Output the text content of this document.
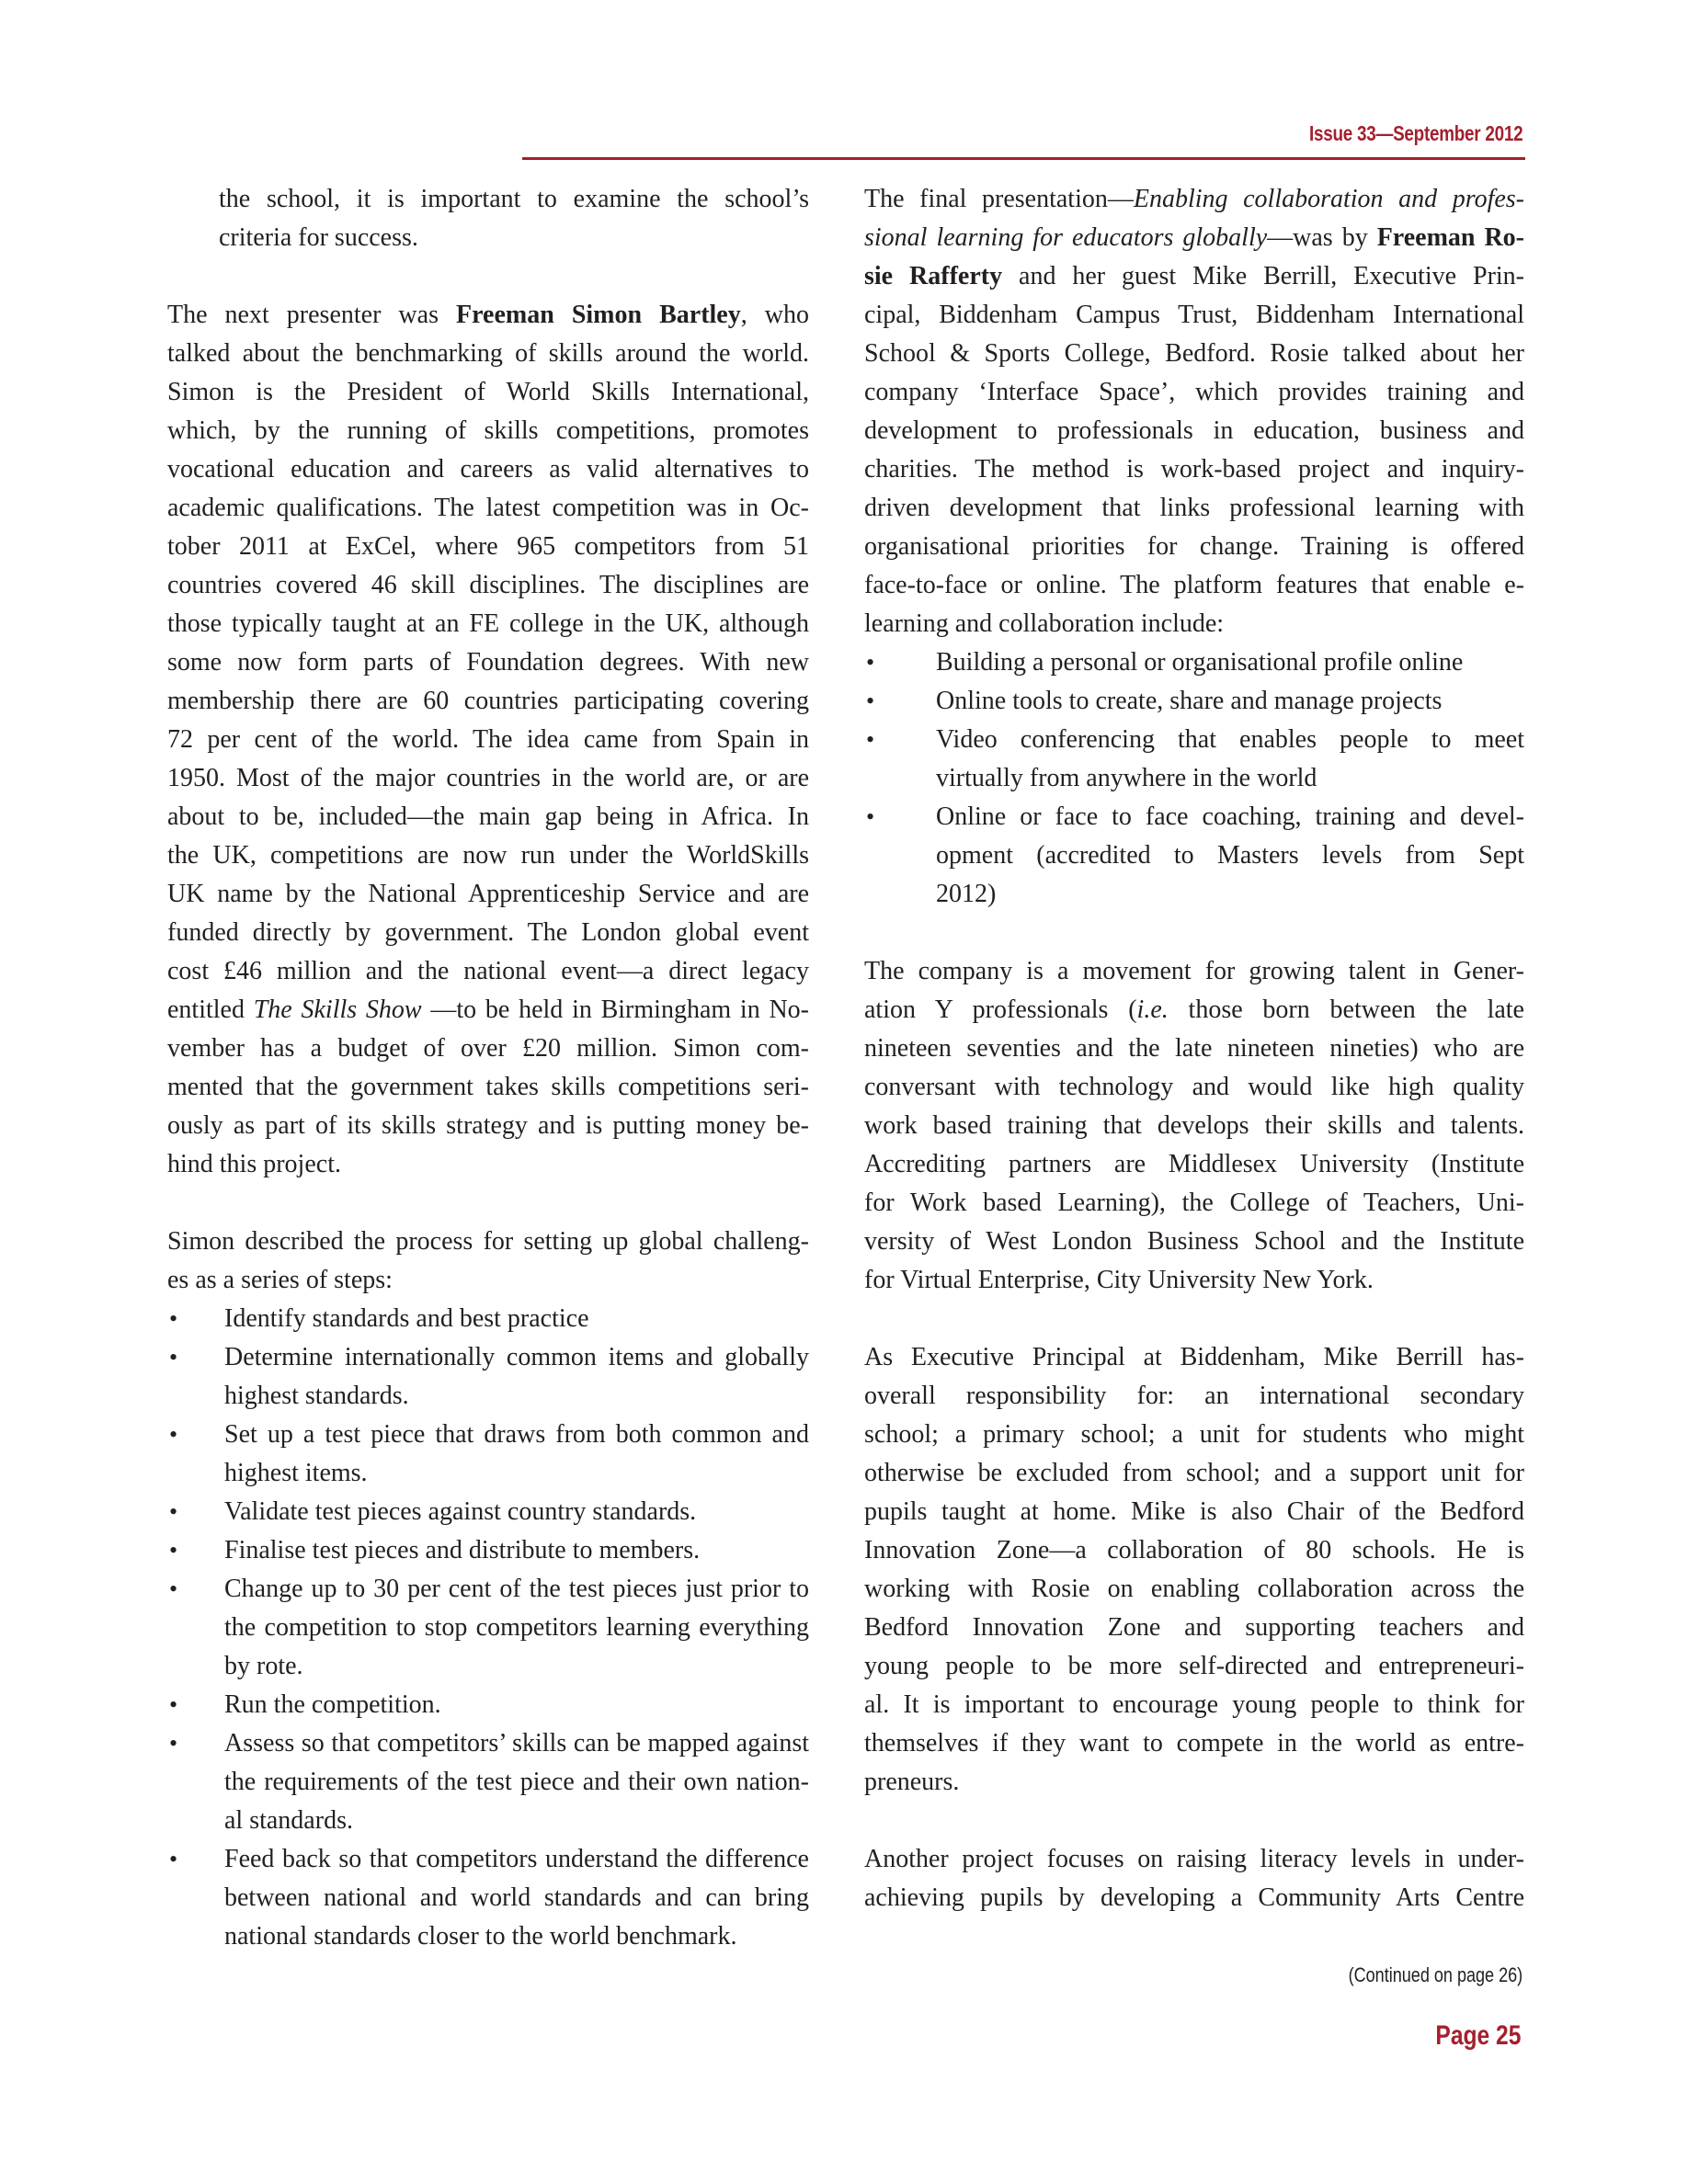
Issue 33—September 2012
the school, it is important to examine the school’s
criteria for success.
The next presenter was Freeman Simon Bartley, who
talked about the benchmarking of skills around the world.
Simon is the President of World Skills International,
which, by the running of skills competitions, promotes
vocational education and careers as valid alternatives to
academic qualifications. The latest competition was in Oc-
tober 2011 at ExCel, where 965 competitors from 51
countries covered 46 skill disciplines. The disciplines are
those typically taught at an FE college in the UK, although
some now form parts of Foundation degrees. With new
membership there are 60 countries participating covering
72 per cent of the world. The idea came from Spain in
1950. Most of the major countries in the world are, or are
about to be, included—the main gap being in Africa. In
the UK, competitions are now run under the WorldSkills
UK name by the National Apprenticeship Service and are
funded directly by government. The London global event
cost £46 million and the national event—a direct legacy
entitled The Skills Show —to be held in Birmingham in No-
vember has a budget of over £20 million. Simon com-
mented that the government takes skills competitions seri-
ously as part of its skills strategy and is putting money be-
hind this project.
Simon described the process for setting up global challeng-
es as a series of steps:
• Identify standards and best practice
• Determine internationally common items and globally
highest standards.
• Set up a test piece that draws from both common and
highest items.
• Validate test pieces against country standards.
• Finalise test pieces and distribute to members.
• Change up to 30 per cent of the test pieces just prior to
the competition to stop competitors learning everything
by rote.
• Run the competition.
• Assess so that competitors’ skills can be mapped against
the requirements of the test piece and their own nation-
al standards.
• Feed back so that competitors understand the difference
between national and world standards and can bring
national standards closer to the world benchmark.
The final presentation—Enabling collaboration and profes-
sional learning for educators globally—was by Freeman Ro-
sie Rafferty and her guest Mike Berrill, Executive Prin-
cipal, Biddenham Campus Trust, Biddenham International
School & Sports College, Bedford. Rosie talked about her
company ‘Interface Space’, which provides training and
development to professionals in education, business and
charities. The method is work-based project and inquiry-
driven development that links professional learning with
organisational priorities for change. Training is offered
face-to-face or online. The platform features that enable e-
learning and collaboration include:
• Building a personal or organisational profile online
• Online tools to create, share and manage projects
• Video conferencing that enables people to meet
virtually from anywhere in the world
• Online or face to face coaching, training and devel-
opment (accredited to Masters levels from Sept
2012)
The company is a movement for growing talent in Gener-
ation Y professionals (i.e. those born between the late
nineteen seventies and the late nineteen nineties) who are
conversant with technology and would like high quality
work based training that develops their skills and talents.
Accrediting partners are Middlesex University (Institute
for Work based Learning), the College of Teachers, Uni-
versity of West London Business School and the Institute
for Virtual Enterprise, City University New York.
As Executive Principal at Biddenham, Mike Berrill has-
overall responsibility for: an international secondary
school; a primary school; a unit for students who might
otherwise be excluded from school; and a support unit for
pupils taught at home. Mike is also Chair of the Bedford
Innovation Zone—a collaboration of 80 schools. He is
working with Rosie on enabling collaboration across the
Bedford Innovation Zone and supporting teachers and
young people to be more self-directed and entrepreneuri-
al. It is important to encourage young people to think for
themselves if they want to compete in the world as entre-
preneurs.
Another project focuses on raising literacy levels in under-
achieving pupils by developing a Community Arts Centre
(Continued on page 26)
Page 25
